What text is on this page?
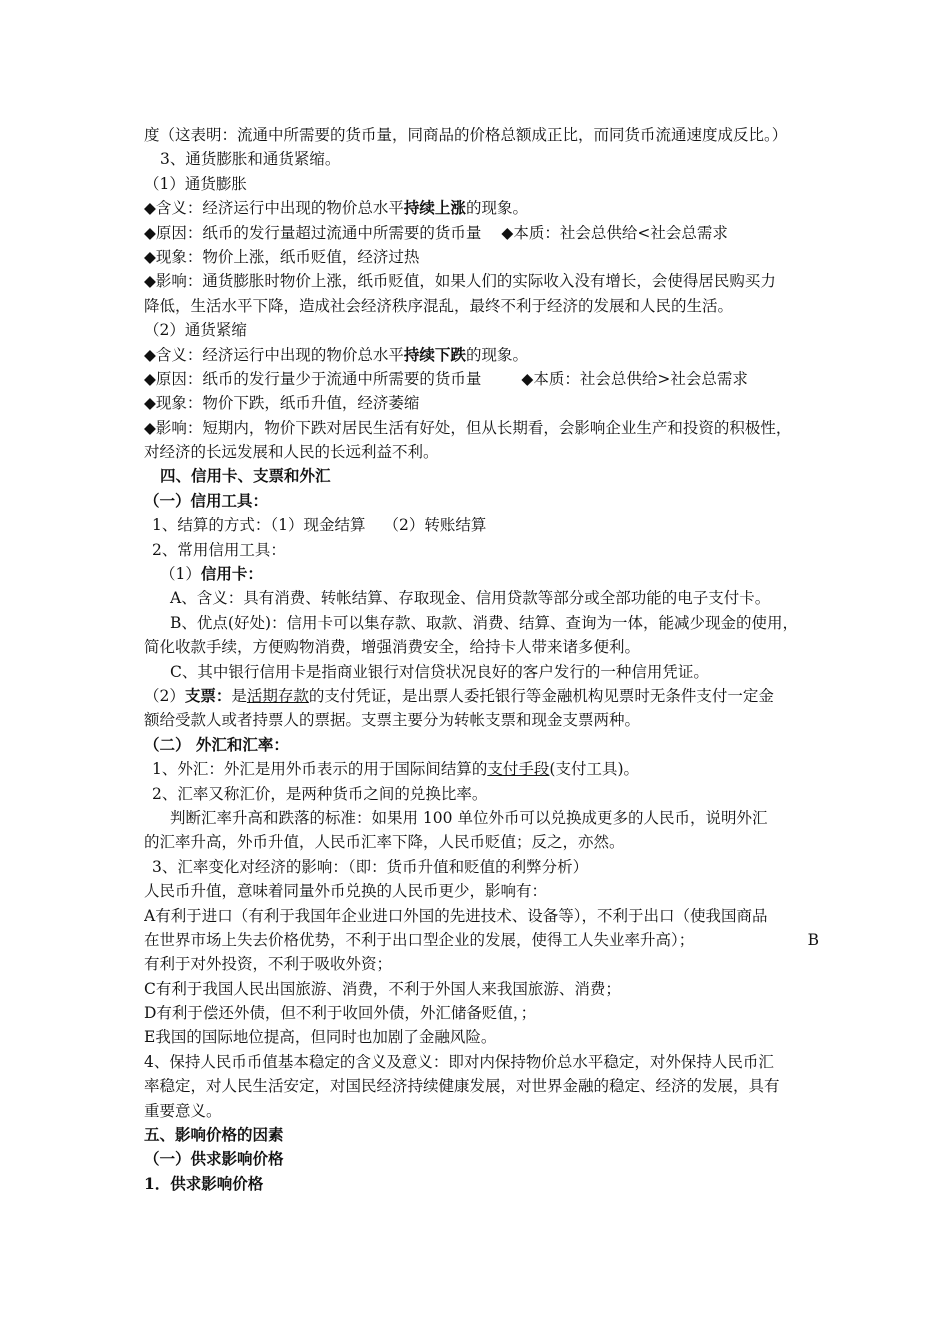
度（这表明：流通中所需要的货币量，同商品的价格总额成正比，而同货币流通速度成反比。）
3、通货膨胀和通货紧缩。
（1）通货膨胀
◆含义：经济运行中出现的物价总水平持续上涨的现象。
◆原因：纸币的发行量超过流通中所需要的货币量 ◆本质：社会总供给<社会总需求
◆现象：物价上涨，纸币贬值，经济过热
◆影响：通货膨胀时物价上涨，纸币贬值，如果人们的实际收入没有增长，会使得居民购买力
降低，生活水平下降，造成社会经济秩序混乱，最终不利于经济的发展和人民的生活。
（2）通货紧缩
◆含义：经济运行中出现的物价总水平持续下跌的现象。
◆原因：纸币的发行量少于流通中所需要的货币量	◆本质：社会总供给>社会总需求
◆现象：物价下跌，纸币升值，经济萎缩
◆影响：短期内，物价下跌对居民生活有好处，但从长期看，会影响企业生产和投资的积极性，
对经济的长远发展和人民的长远利益不利。
四、信用卡、支票和外汇
（一）信用工具：
1、结算的方式：（1）现金结算 （2）转账结算
2、常用信用工具：
（1）信用卡：
A、含义：具有消费、转帐结算、存取现金、信用贷款等部分或全部功能的电子支付卡。
B、优点(好处)：信用卡可以集存款、取款、消费、结算、查询为一体，能减少现金的使用，
简化收款手续，方便购物消费，增强消费安全，给持卡人带来诸多便利。
C、其中银行信用卡是指商业银行对信贷状况良好的客户发行的一种信用凭证。
（2）支票：是活期存款的支付凭证，是出票人委托银行等金融机构见票时无条件支付一定金
额给受款人或者持票人的票据。支票主要分为转帐支票和现金支票两种。
（二） 外汇和汇率：
1、外汇：外汇是用外币表示的用于国际间结算的支付手段(支付工具)。
2、汇率又称汇价，是两种货币之间的兑换比率。
判断汇率升高和跌落的标准：如果用 100 单位外币可以兑换成更多的人民币，说明外汇
的汇率升高，外币升值，人民币汇率下降，人民币贬值；反之，亦然。
3、汇率变化对经济的影响：（即：货币升值和贬值的利弊分析）
人民币升值，意味着同量外币兑换的人民币更少，影响有：
A有利于进口（有利于我国年企业进口外国的先进技术、设备等），不利于出口（使我国商品
在世界市场上失去价格优势，不利于出口型企业的发展，使得工人失业率升高）；	B
有利于对外投资，不利于吸收外资；
C有利于我国人民出国旅游、消费，不利于外国人来我国旅游、消费；
D有利于偿还外债，但不利于收回外债，外汇储备贬值，；
E我国的国际地位提高，但同时也加剧了金融风险。
4、保持人民币币值基本稳定的含义及意义：即对内保持物价总水平稳定，对外保持人民币汇
率稳定，对人民生活安定，对国民经济持续健康发展，对世界金融的稳定、经济的发展，具有
重要意义。
五、影响价格的因素
（一）供求影响价格
1．供求影响价格
